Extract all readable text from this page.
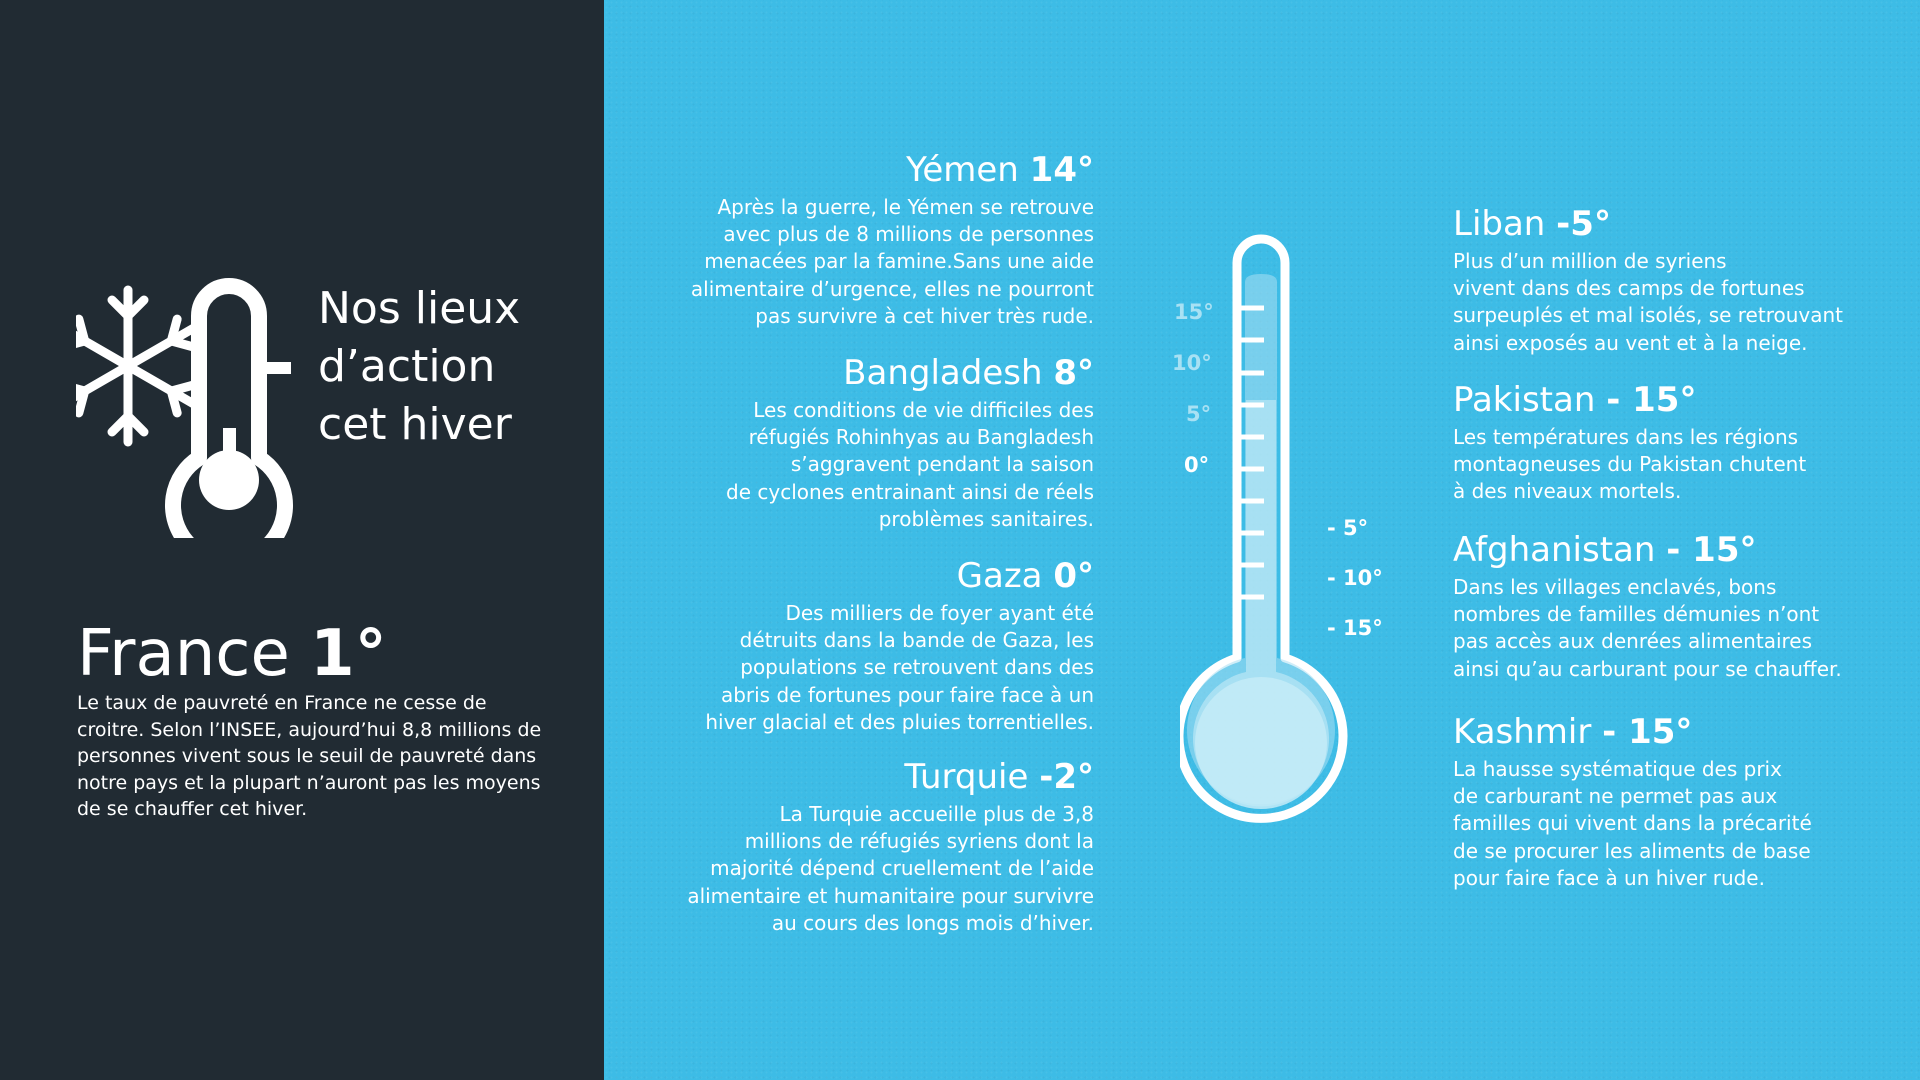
Nos lieux
d’action
cet hiver
France 1°
Le taux de pauvreté en France ne cesse de croitre. Selon l’INSEE, aujourd’hui 8,8 millions de personnes vivent sous le seuil de pauvreté dans notre pays et la plupart n’auront pas les moyens de se chauffer cet hiver.
Yémen 14°
Après la guerre, le Yémen se retrouve
avec plus de 8 millions de personnes
menacées par la famine.Sans une aide
alimentaire d’urgence, elles ne pourront
pas survivre à cet hiver très rude.
Bangladesh 8°
Les conditions de vie difficiles des
réfugiés Rohinhyas au Bangladesh
s’aggravent pendant la saison
de cyclones entrainant ainsi de réels
problèmes sanitaires.
Gaza 0°
Des milliers de foyer ayant été
détruits dans la bande de Gaza, les
populations se retrouvent dans des
abris de fortunes pour faire face à un
hiver glacial et des pluies torrentielles.
Turquie -2°
La Turquie accueille plus de 3,8
millions de réfugiés syriens dont la
majorité dépend cruellement de l’aide
alimentaire et humanitaire pour survivre
au cours des longs mois d’hiver.
15°
10°
5°
0°
- 5°
- 10°
- 15°
Liban -5°
Plus d’un million de syriens
vivent dans des camps de fortunes
surpeuplés et mal isolés, se retrouvant
ainsi exposés au vent et à la neige.
Pakistan - 15°
Les températures dans les régions
montagneuses du Pakistan chutent
à des niveaux mortels.
Afghanistan - 15°
Dans les villages enclavés, bons
nombres de familles démunies n’ont
pas accès aux denrées alimentaires
ainsi qu’au carburant pour se chauffer.
Kashmir - 15°
La hausse systématique des prix
de carburant ne permet pas aux
familles qui vivent dans la précarité
de se procurer les aliments de base
pour faire face à un hiver rude.
